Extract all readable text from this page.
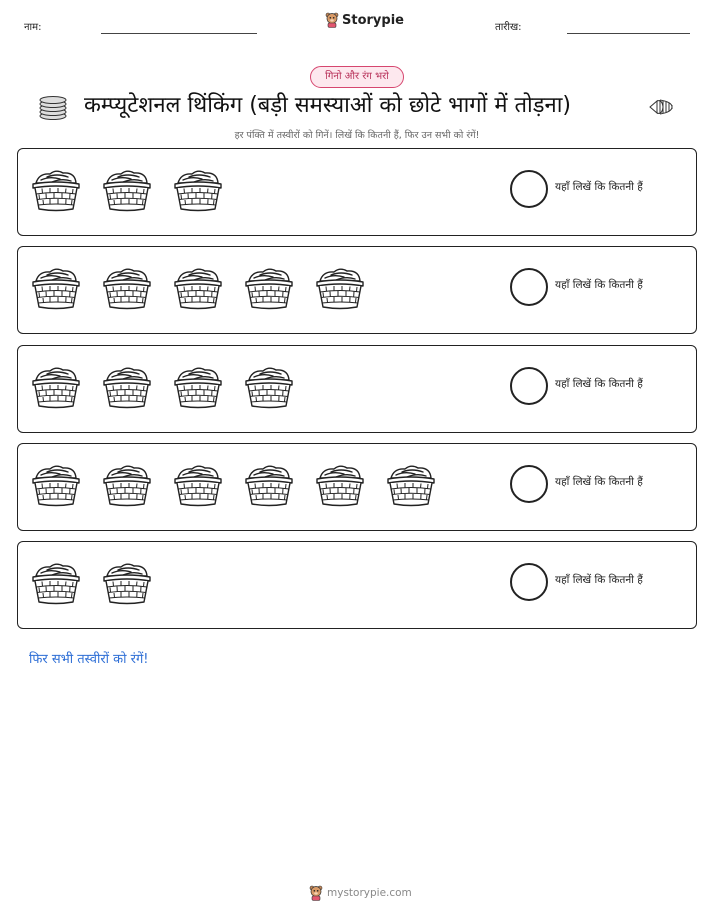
नाम:	Storypie	तारीख:
गिनो और रंग भरो
कम्प्यूटेशनल थिंकिंग (बड़ी समस्याओं को छोटे भागों में तोड़ना)
हर पंक्ति में तस्वीरों को गिनें। लिखें कि कितनी हैं, फिर उन सभी को रंगें!
यहाँ लिखें कि कितनी हैं
यहाँ लिखें कि कितनी हैं
यहाँ लिखें कि कितनी हैं
यहाँ लिखें कि कितनी हैं
यहाँ लिखें कि कितनी हैं
फिर सभी तस्वीरों को रंगें!
mystorypie.com
